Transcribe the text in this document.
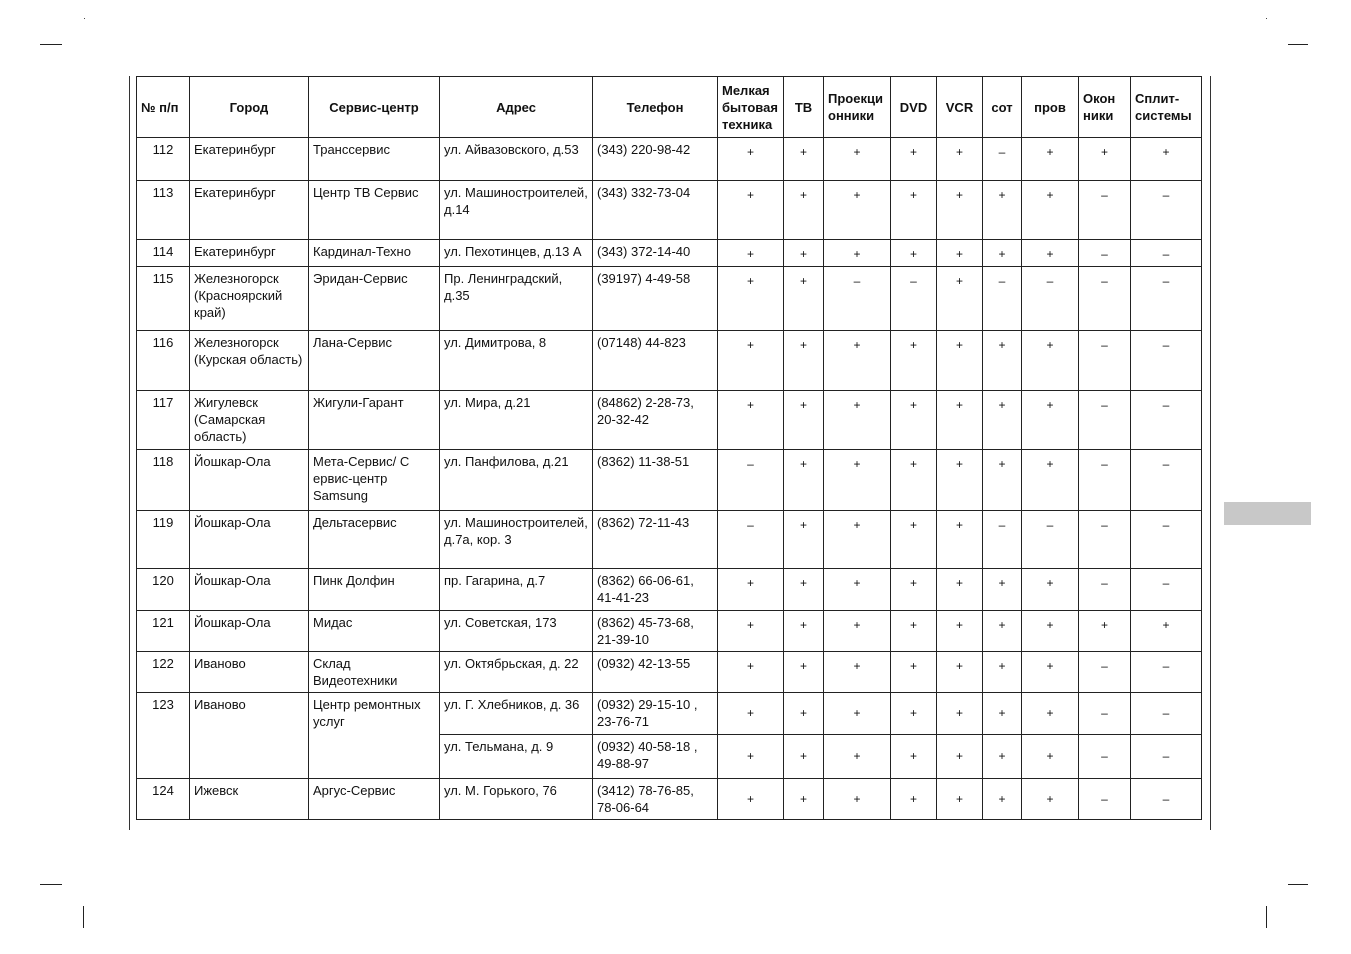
№ п/п	Город	Сервис-центр	Адрес	Телефон	Мелкая бытовая техника	ТВ	Проекци онники	DVD	VCR	сот	пров	Окон ники	Сплит- системы
112	Екатеринбург	Транссервис	ул. Айвазовского, д.53	(343) 220-98-42	+	+	+	+	+	–	+	+	+
113	Екатеринбург	Центр ТВ Сервис	ул. Машиностроителей, д.14	(343) 332-73-04	+	+	+	+	+	+	+	–	–
114	Екатеринбург	Кардинал-Техно	ул. Пехотинцев, д.13 А	(343) 372-14-40	+	+	+	+	+	+	+	–	–
115	Железногорск (Красноярский край)	Эридан-Сервис	Пр. Ленинградский, д.35	(39197) 4-49-58	+	+	–	–	+	–	–	–	–
116	Железногорск (Курская область)	Лана-Сервис	ул. Димитрова, 8	(07148) 44-823	+	+	+	+	+	+	+	–	–
117	Жигулевск (Самарская область)	Жигули-Гарант	ул. Мира, д.21	(84862) 2-28-73, 20-32-42	+	+	+	+	+	+	+	–	–
118	Йошкар-Ола	Мета-Сервис/ С ервис-центр Samsung	ул. Панфилова, д.21	(8362) 11-38-51	–	+	+	+	+	+	+	–	–
119	Йошкар-Ола	Дельтасервис	ул. Машиностроителей, д.7а, кор. 3	(8362) 72-11-43	–	+	+	+	+	–	–	–	–
120	Йошкар-Ола	Пинк Долфин	пр. Гагарина, д.7	(8362) 66-06-61, 41-41-23	+	+	+	+	+	+	+	–	–
121	Йошкар-Ола	Мидас	ул. Советская, 173	(8362) 45-73-68, 21-39-10	+	+	+	+	+	+	+	+	+
122	Иваново	Склад Видеотехники	ул. Октябрьская, д. 22	(0932) 42-13-55	+	+	+	+	+	+	+	–	–
123	Иваново	Центр ремонтных услуг	ул. Г. Хлебников, д. 36	(0932) 29-15-10 , 23-76-71	+	+	+	+	+	+	+	–	–
			ул. Тельмана, д. 9	(0932) 40-58-18 , 49-88-97	+	+	+	+	+	+	+	–	–
124	Ижевск	Аргус-Сервис	ул. М. Горького, 76	(3412) 78-76-85, 78-06-64	+	+	+	+	+	+	+	–	–
